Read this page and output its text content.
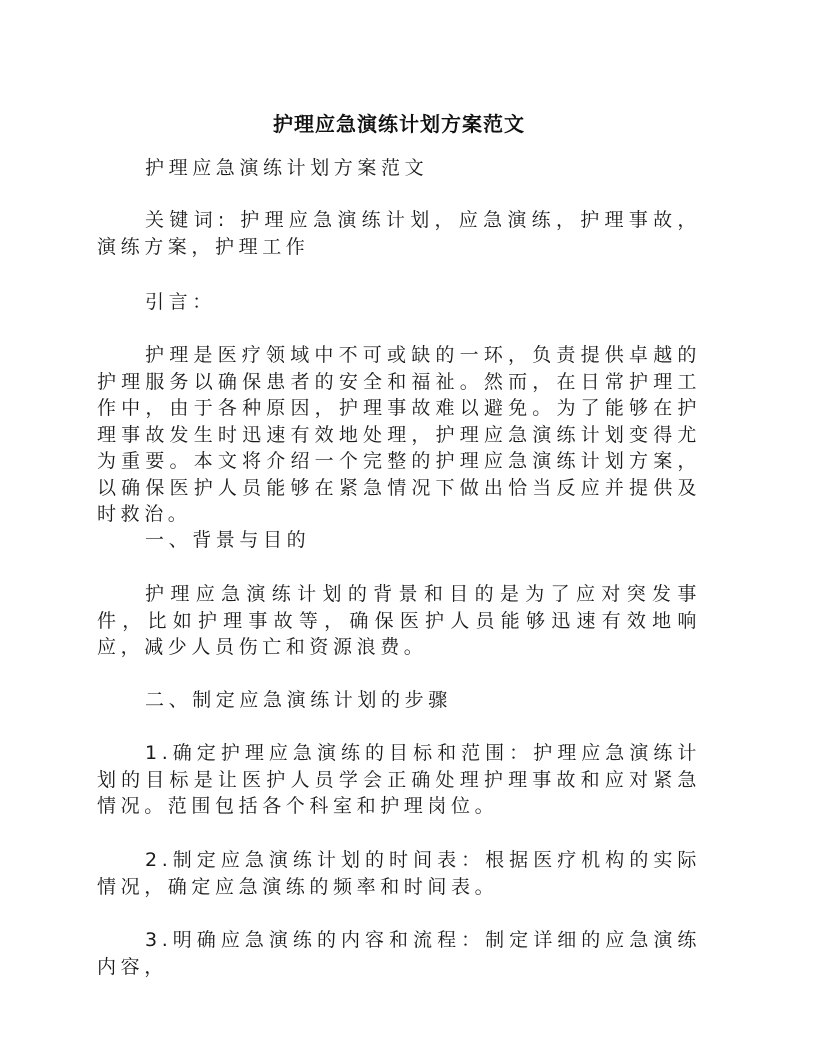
护理应急演练计划方案范文
护理应急演练计划方案范文
关键词: 护理应急演练计划，应急演练，护理事故，演练方案，护理工作
引言：
护理是医疗领域中不可或缺的一环，负责提供卓越的护理服务以确保患者的安全和福祉。然而，在日常护理工作中，由于各种原因，护理事故难以避免。为了能够在护理事故发生时迅速有效地处理，护理应急演练计划变得尤为重要。本文将介绍一个完整的护理应急演练计划方案，以确保医护人员能够在紧急情况下做出恰当反应并提供及时救治。
一、背景与目的
护理应急演练计划的背景和目的是为了应对突发事件，比如护理事故等，确保医护人员能够迅速有效地响应，减少人员伤亡和资源浪费。
二、制定应急演练计划的步骤
1.确定护理应急演练的目标和范围：护理应急演练计划的目标是让医护人员学会正确处理护理事故和应对紧急情况。范围包括各个科室和护理岗位。
2.制定应急演练计划的时间表：根据医疗机构的实际情况，确定应急演练的频率和时间表。
3.明确应急演练的内容和流程：制定详细的应急演练内容，
